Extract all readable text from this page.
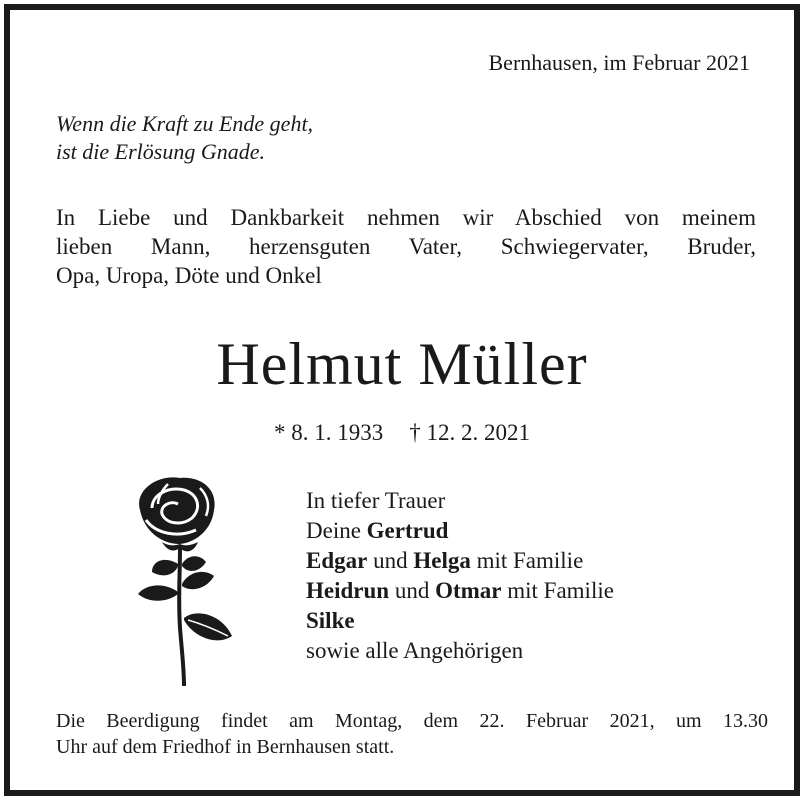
Bernhausen, im Februar 2021
Wenn die Kraft zu Ende geht,
ist die Erlösung Gnade.
In Liebe und Dankbarkeit nehmen wir Abschied von meinem
lieben Mann, herzensguten Vater, Schwiegervater, Bruder,
Opa, Uropa, Döte und Onkel
Helmut Müller
* 8. 1. 1933 † 12. 2. 2021
In tiefer Trauer
Deine Gertrud
Edgar und Helga mit Familie
Heidrun und Otmar mit Familie
Silke
sowie alle Angehörigen
Die Beerdigung findet am Montag, dem 22. Februar 2021, um 13.30
Uhr auf dem Friedhof in Bernhausen statt.
